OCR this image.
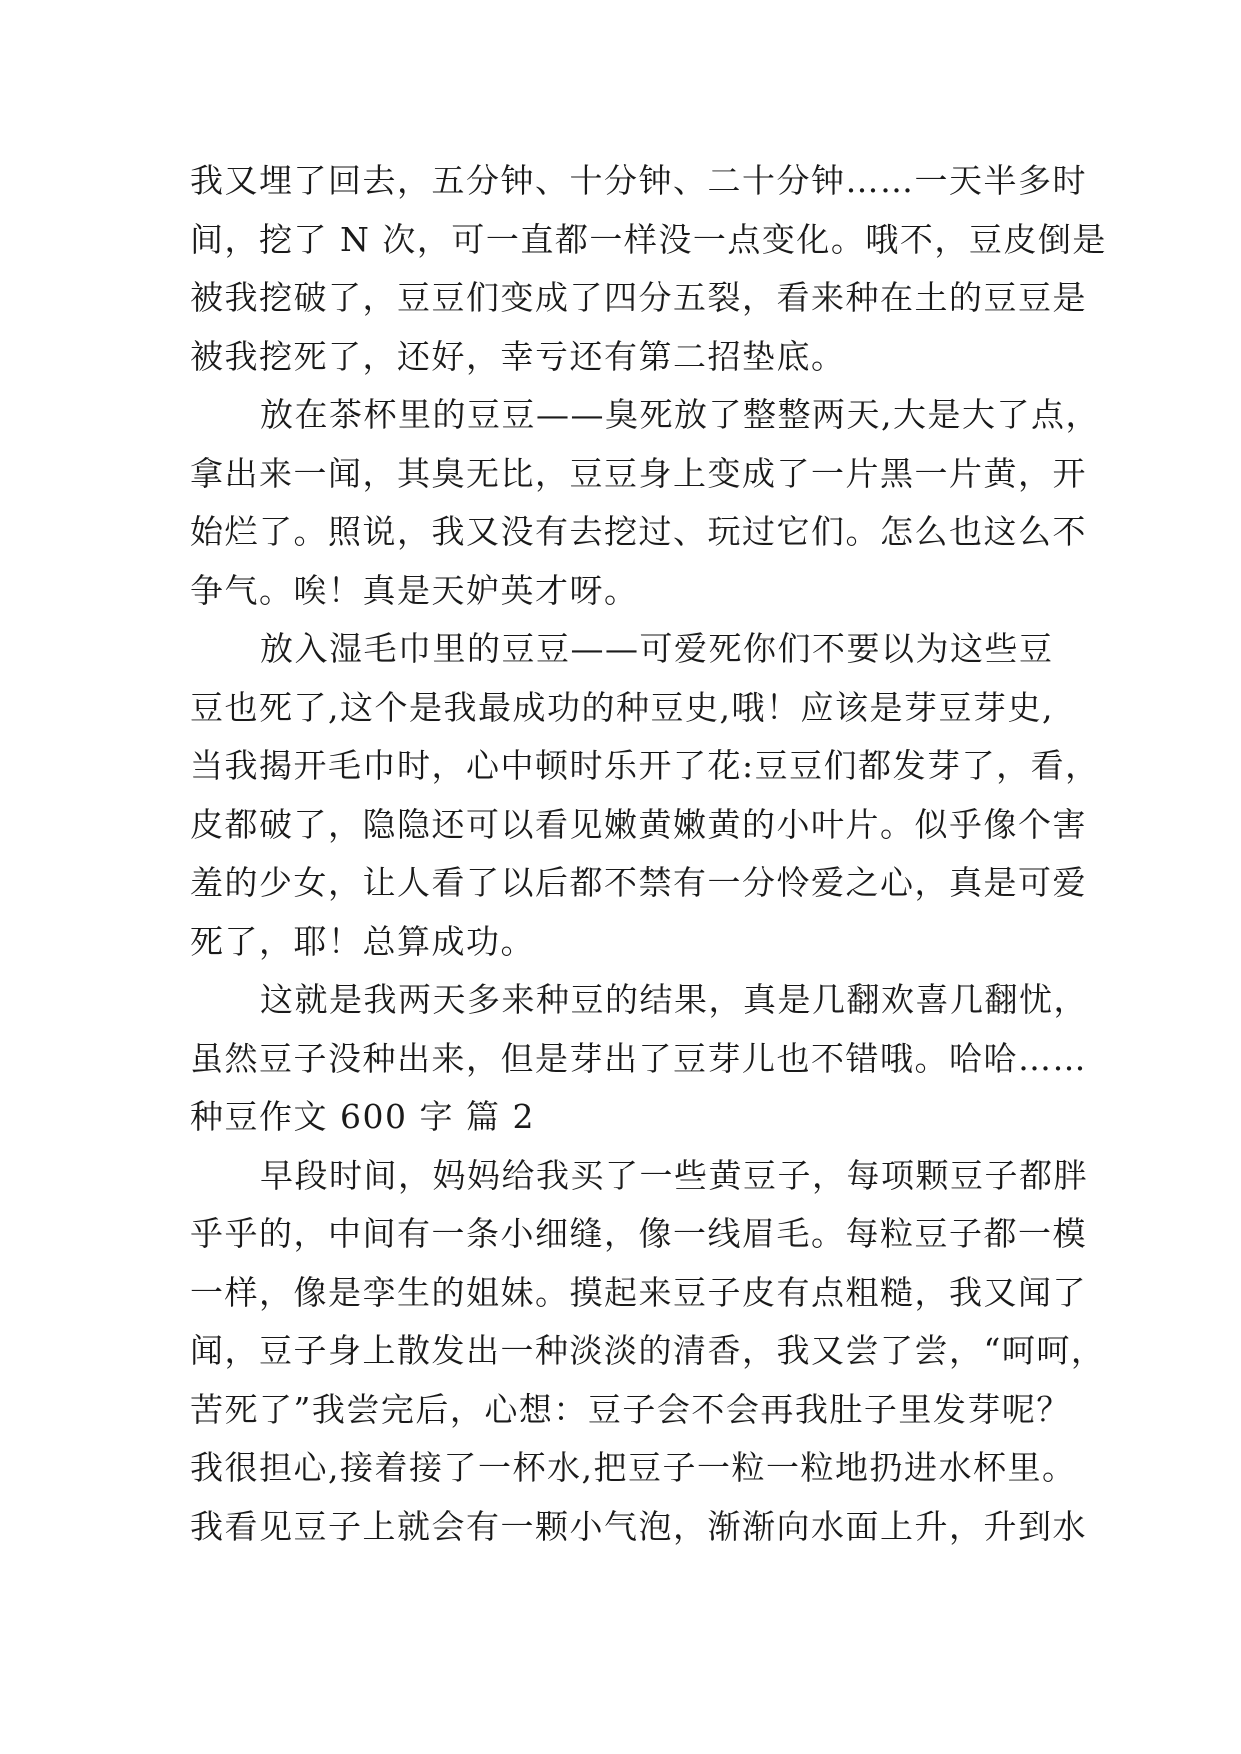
我又埋了回去，五分钟、十分钟、二十分钟……一天半多时
间，挖了 N 次，可一直都一样没一点变化。哦不，豆皮倒是
被我挖破了，豆豆们变成了四分五裂，看来种在土的豆豆是
被我挖死了，还好，幸亏还有第二招垫底。
放在茶杯里的豆豆——臭死放了整整两天,大是大了点，
拿出来一闻，其臭无比，豆豆身上变成了一片黑一片黄，开
始烂了。照说，我又没有去挖过、玩过它们。怎么也这么不
争气。唉！真是天妒英才呀。
放入湿毛巾里的豆豆——可爱死你们不要以为这些豆
豆也死了,这个是我最成功的种豆史,哦！应该是芽豆芽史,
当我揭开毛巾时，心中顿时乐开了花:豆豆们都发芽了，看，
皮都破了，隐隐还可以看见嫩黄嫩黄的小叶片。似乎像个害
羞的少女，让人看了以后都不禁有一分怜爱之心，真是可爱
死了，耶！总算成功。
这就是我两天多来种豆的结果，真是几翻欢喜几翻忧，
虽然豆子没种出来，但是芽出了豆芽儿也不错哦。哈哈……
种豆作文 600 字 篇 2
早段时间，妈妈给我买了一些黄豆子，每项颗豆子都胖
乎乎的，中间有一条小细缝，像一线眉毛。每粒豆子都一模
一样，像是孪生的姐妹。摸起来豆子皮有点粗糙，我又闻了
闻，豆子身上散发出一种淡淡的清香，我又尝了尝，“呵呵，
苦死了”我尝完后，心想：豆子会不会再我肚子里发芽呢？
我很担心,接着接了一杯水,把豆子一粒一粒地扔进水杯里。
我看见豆子上就会有一颗小气泡，渐渐向水面上升，升到水
